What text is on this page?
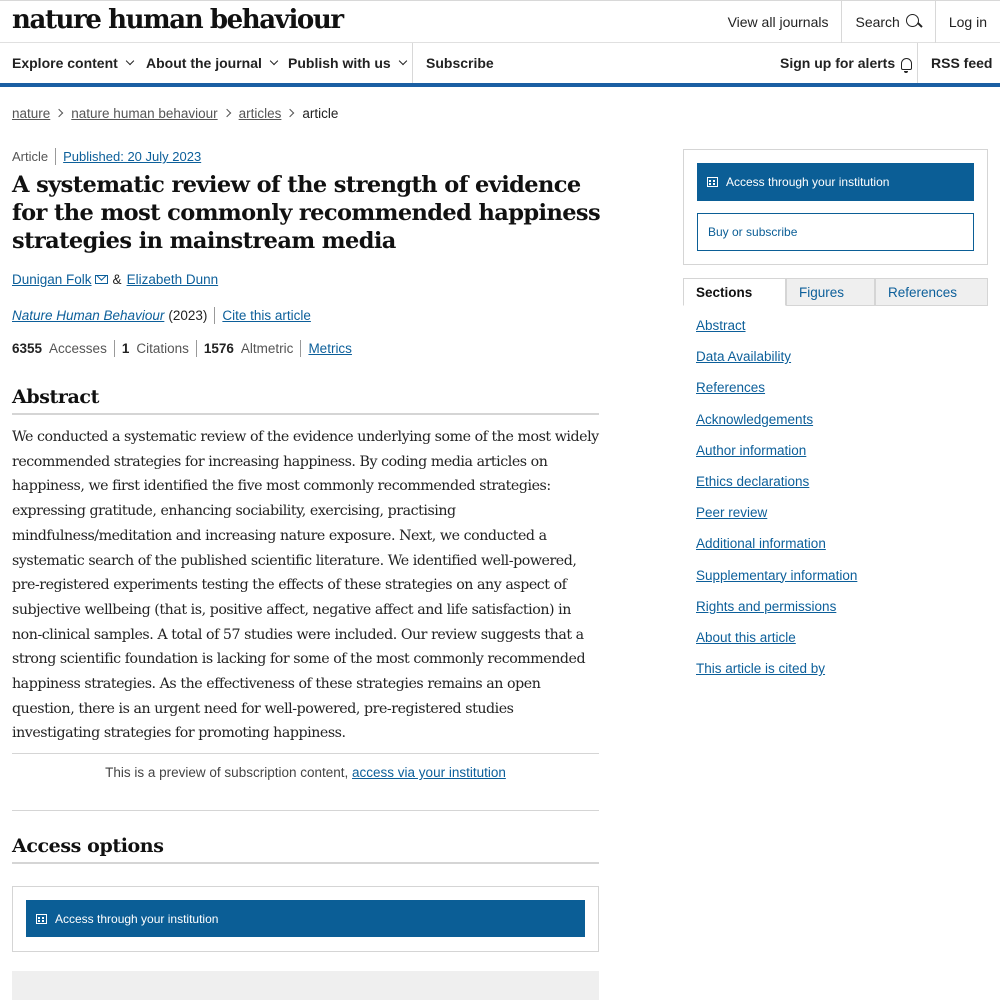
nature human behaviour	View all journals	Search	Log in
Explore content About the journal Publish with us	Subscribe	Sign up for alerts	RSS feed
nature nature human behaviour articles article
Article Published: 20 July 2023
A systematic review of the strength of evidence for the most commonly recommended happiness strategies in mainstream media
Dunigan Folk & Elizabeth Dunn
Nature Human Behaviour (2023) Cite this article
6355 Accesses 1 Citations 1576 Altmetric Metrics
Abstract

We conducted a systematic review of the evidence underlying some of the most widely recommended strategies for increasing happiness. By coding media articles on happiness, we first identified the five most commonly recommended strategies: expressing gratitude, enhancing sociability, exercising, practising mindfulness/meditation and increasing nature exposure. Next, we conducted a systematic search of the published scientific literature. We identified well-powered, pre-registered experiments testing the effects of these strategies on any aspect of subjective wellbeing (that is, positive affect, negative affect and life satisfaction) in non-clinical samples. A total of 57 studies were included. Our review suggests that a strong scientific foundation is lacking for some of the most commonly recommended happiness strategies. As the effectiveness of these strategies remains an open question, there is an urgent need for well-powered, pre-registered studies investigating strategies for promoting happiness.

This is a preview of subscription content, access via your institution
Access options
Access through your institution
Access through your institution
Buy or subscribe
Sections	Figures	References
Abstract
Data Availability
References
Acknowledgements
Author information
Ethics declarations
Peer review
Additional information
Supplementary information
Rights and permissions
About this article
This article is cited by
